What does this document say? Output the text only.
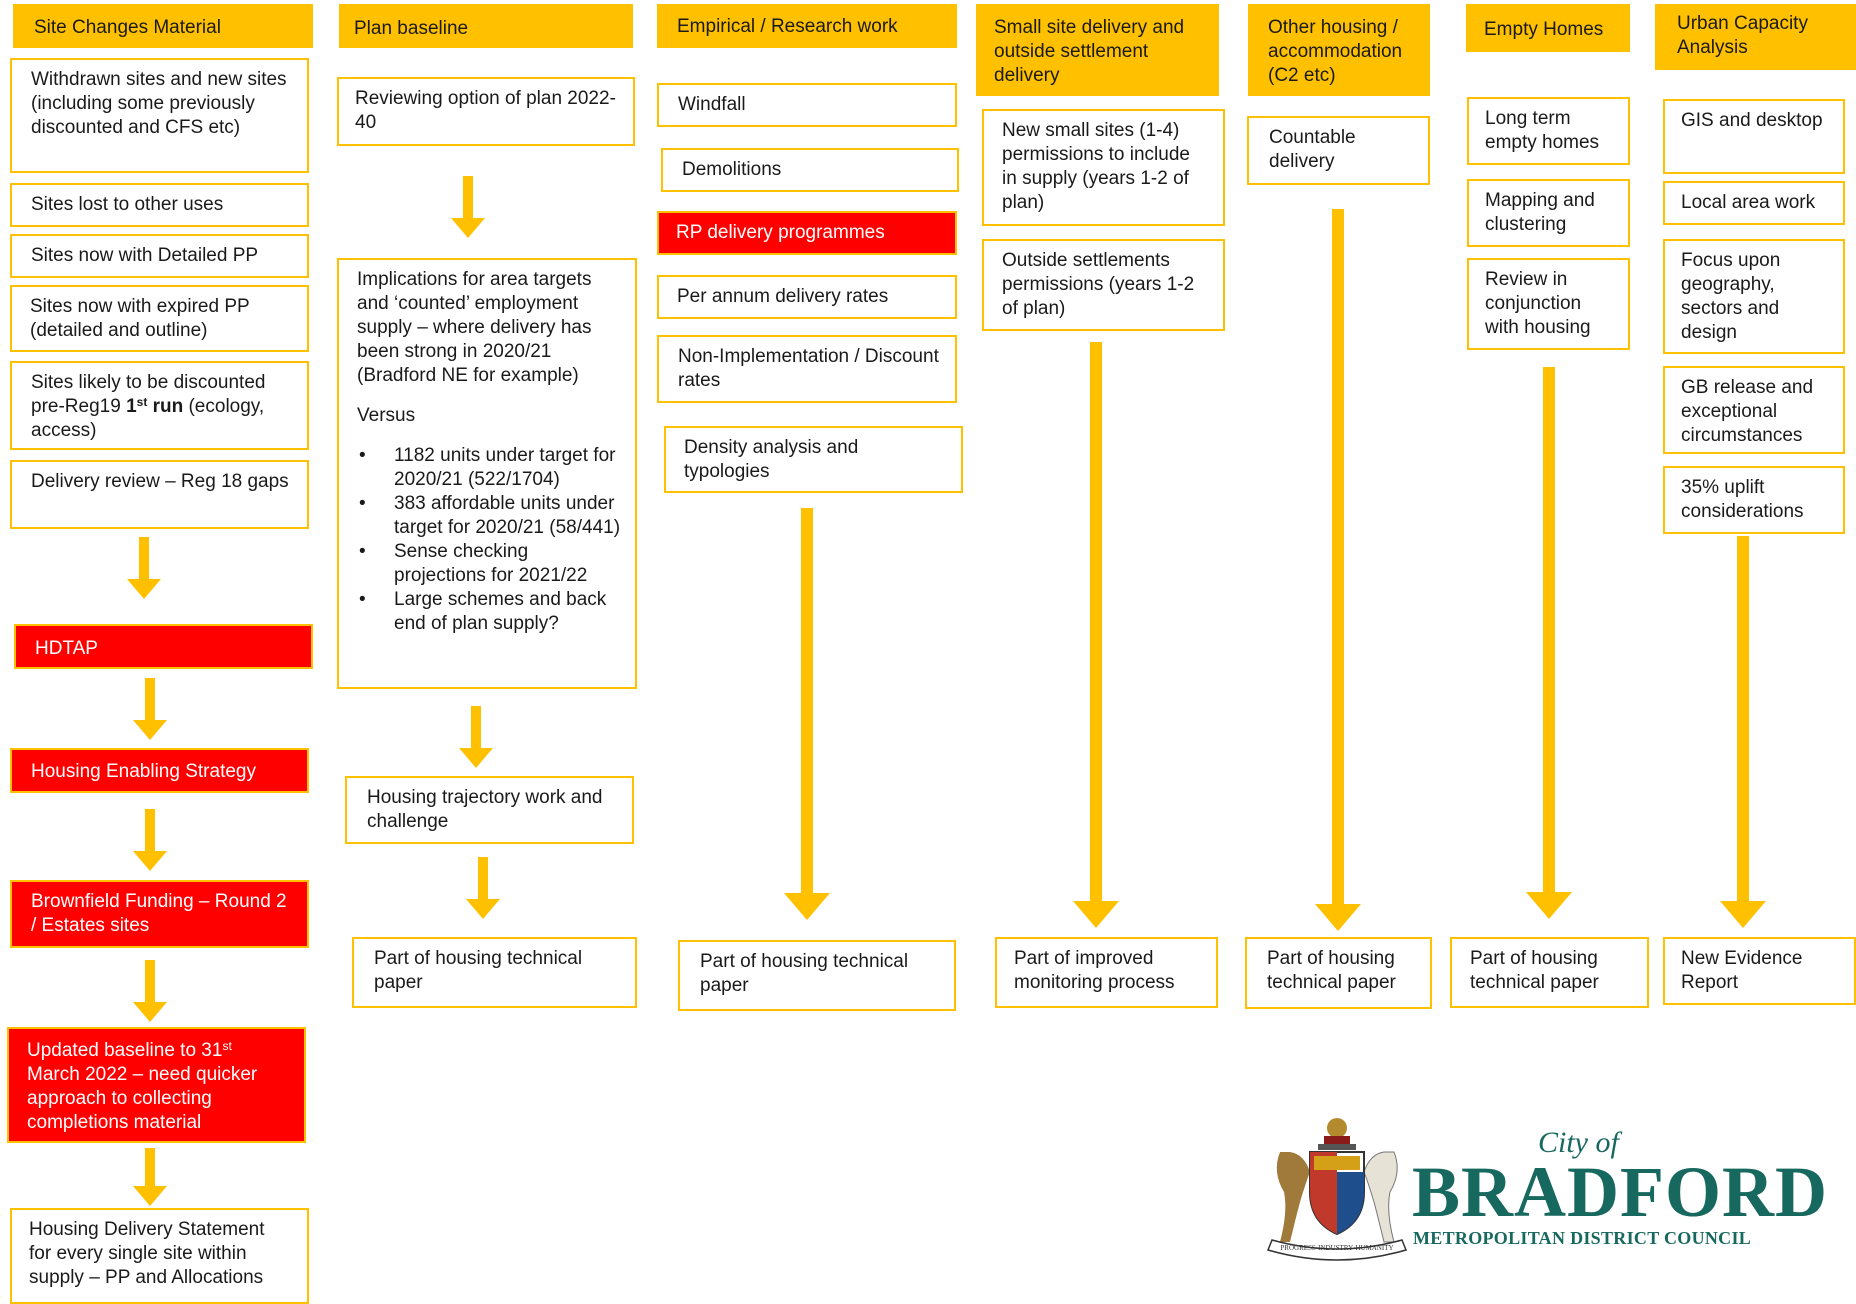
Site Changes Material	Plan baseline	Empirical / Research work	Small site delivery and outside settlement delivery
Other housing / accommodation (C2 etc)
Empty Homes	Urban Capacity Analysis
Withdrawn sites and new sites (including some previously discounted and CFS etc)
Sites lost to other uses
Sites now with Detailed PP
Sites now with expired PP (detailed and outline)
Sites likely to be discounted pre-Reg19 1st run (ecology, access)
Delivery review – Reg 18 gaps
HDTAP
Housing Enabling Strategy
Brownfield Funding – Round 2 / Estates sites
Updated baseline to 31st March 2022 – need quicker approach to collecting completions material
Housing Delivery Statement for every single site within supply – PP and Allocations
Reviewing option of plan 2022-40
Implications for area targets and ‘counted’ employment supply – where delivery has been strong in 2020/21 (Bradford NE for example)
Versus
• 1182 units under target for 2020/21 (522/1704)
• 383 affordable units under target for 2020/21 (58/441)
• Sense checking projections for 2021/22
• Large schemes and back end of plan supply?
Housing trajectory work and challenge
Part of housing technical paper
Windfall
Demolitions
RP delivery programmes
Per annum delivery rates
Non-Implementation / Discount rates
Density analysis and typologies
Part of housing technical paper
New small sites (1-4) permissions to include in supply (years 1-2 of plan)
Outside settlements permissions (years 1-2 of plan)
Part of improved monitoring process
Countable delivery
Part of housing technical paper
Long term empty homes
Mapping and clustering
Review in conjunction with housing
Part of housing technical paper
GIS and desktop
Local area work
Focus upon geography, sectors and design
GB release and exceptional circumstances
35% uplift considerations
New Evidence Report
PROGRESS·INDUSTRY·HUMANITY
City of
BRADFORD
METROPOLITAN DISTRICT COUNCIL
